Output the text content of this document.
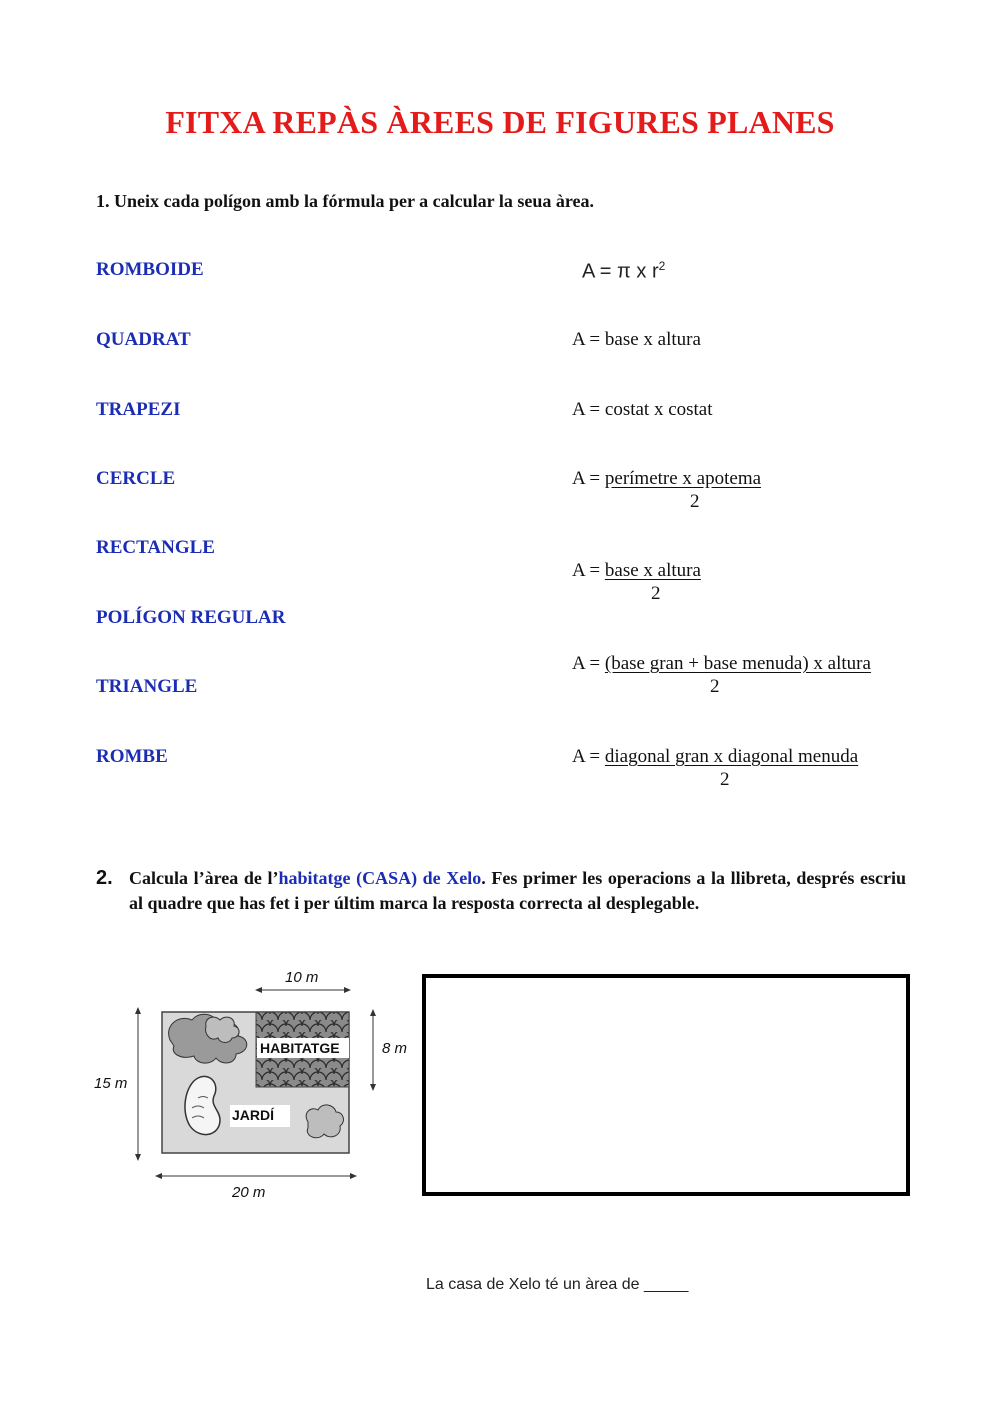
FITXA REPÀS ÀREES DE FIGURES PLANES
1. Uneix cada polígon amb la fórmula per a calcular la seua àrea.
ROMBOIDE
QUADRAT
TRAPEZI
CERCLE
RECTANGLE
POLÍGON REGULAR
TRIANGLE
ROMBE
A = π x $r^2$
A = base x altura
A = costat x costat
A = perímetre x apotema
2
A = base x altura
2
A = (base gran + base menuda) x altura
2
A = diagonal gran x diagonal menuda
2
2. Calcula l’àrea de l’habitatge (CASA) de Xelo. Fes primer les operacions a la llibreta, després escriu al quadre que has fet i per últim marca la resposta correcta al desplegable.
HABITATGE
JARDÍ
10 m
8 m
15 m
20 m
La casa de Xelo té un àrea de _____
